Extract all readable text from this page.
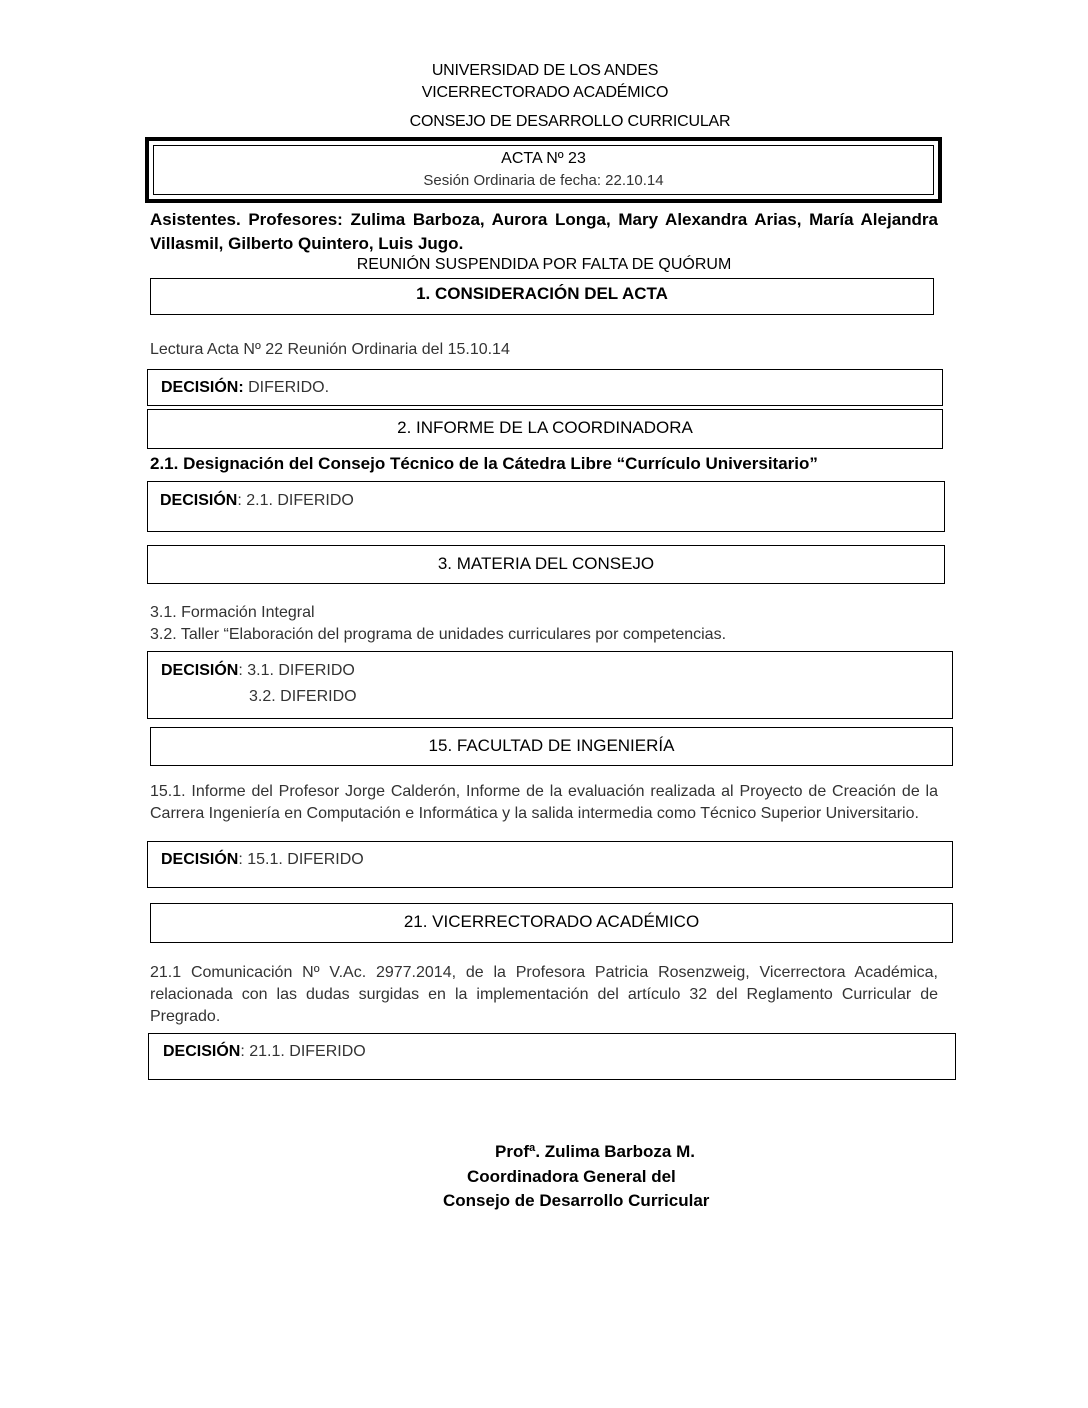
UNIVERSIDAD DE LOS ANDES
VICERRECTORADO ACADÉMICO
CONSEJO DE DESARROLLO CURRICULAR
ACTA Nº 23
Sesión Ordinaria de fecha: 22.10.14
Asistentes. Profesores: Zulima Barboza, Aurora Longa, Mary Alexandra Arias, María Alejandra Villasmil, Gilberto Quintero, Luis Jugo.
REUNIÓN SUSPENDIDA POR FALTA DE QUÓRUM
1. CONSIDERACIÓN DEL ACTA
Lectura Acta Nº 22 Reunión Ordinaria del 15.10.14
DECISIÓN: DIFERIDO.
2. INFORME DE LA COORDINADORA
2.1. Designación del Consejo Técnico de la Cátedra Libre “Currículo Universitario”
DECISIÓN: 2.1. DIFERIDO
3. MATERIA DEL CONSEJO
3.1. Formación Integral
3.2. Taller “Elaboración del programa de unidades curriculares por competencias.
DECISIÓN: 3.1. DIFERIDO
3.2. DIFERIDO
15. FACULTAD DE INGENIERÍA
15.1. Informe del Profesor Jorge Calderón, Informe de la evaluación realizada al Proyecto de Creación de la Carrera Ingeniería en Computación e Informática y la salida intermedia como Técnico Superior Universitario.
DECISIÓN: 15.1. DIFERIDO
21. VICERRECTORADO ACADÉMICO
21.1 Comunicación Nº V.Ac. 2977.2014, de la Profesora Patricia Rosenzweig, Vicerrectora Académica, relacionada con las dudas surgidas en la implementación del artículo 32 del Reglamento Curricular de Pregrado.
DECISIÓN: 21.1. DIFERIDO
Profª. Zulima Barboza M.
Coordinadora General del
Consejo de Desarrollo Curricular
